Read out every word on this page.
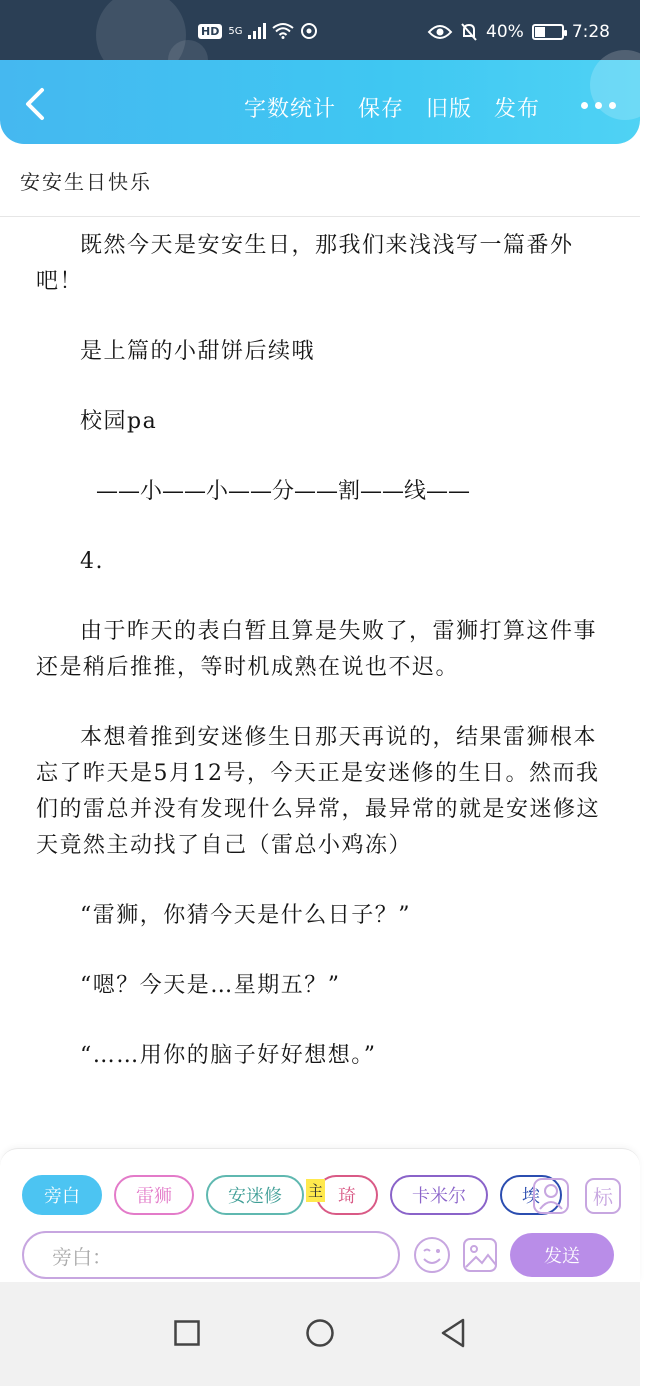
HD 5G	40%	7:28
字数统计 保存 旧版 发布
安安生日快乐

既然今天是安安生日，那我们来浅浅写一篇番外吧！

是上篇的小甜饼后续哦

校园pa

——小——小——分——割——线——

4.

由于昨天的表白暂且算是失败了，雷狮打算这件事还是稍后推推，等时机成熟在说也不迟。

本想着推到安迷修生日那天再说的，结果雷狮根本忘了昨天是5月12号，今天正是安迷修的生日。然而我们的雷总并没有发现什么异常，最异常的就是安迷修这天竟然主动找了自己（雷总小鸡冻）

“雷狮，你猜今天是什么日子？”

“嗯？今天是…星期五？”

“……用你的脑子好好想想。”

旁白	雷狮	安迷修 主 琦	卡米尔	埃	标
旁白：	发送
